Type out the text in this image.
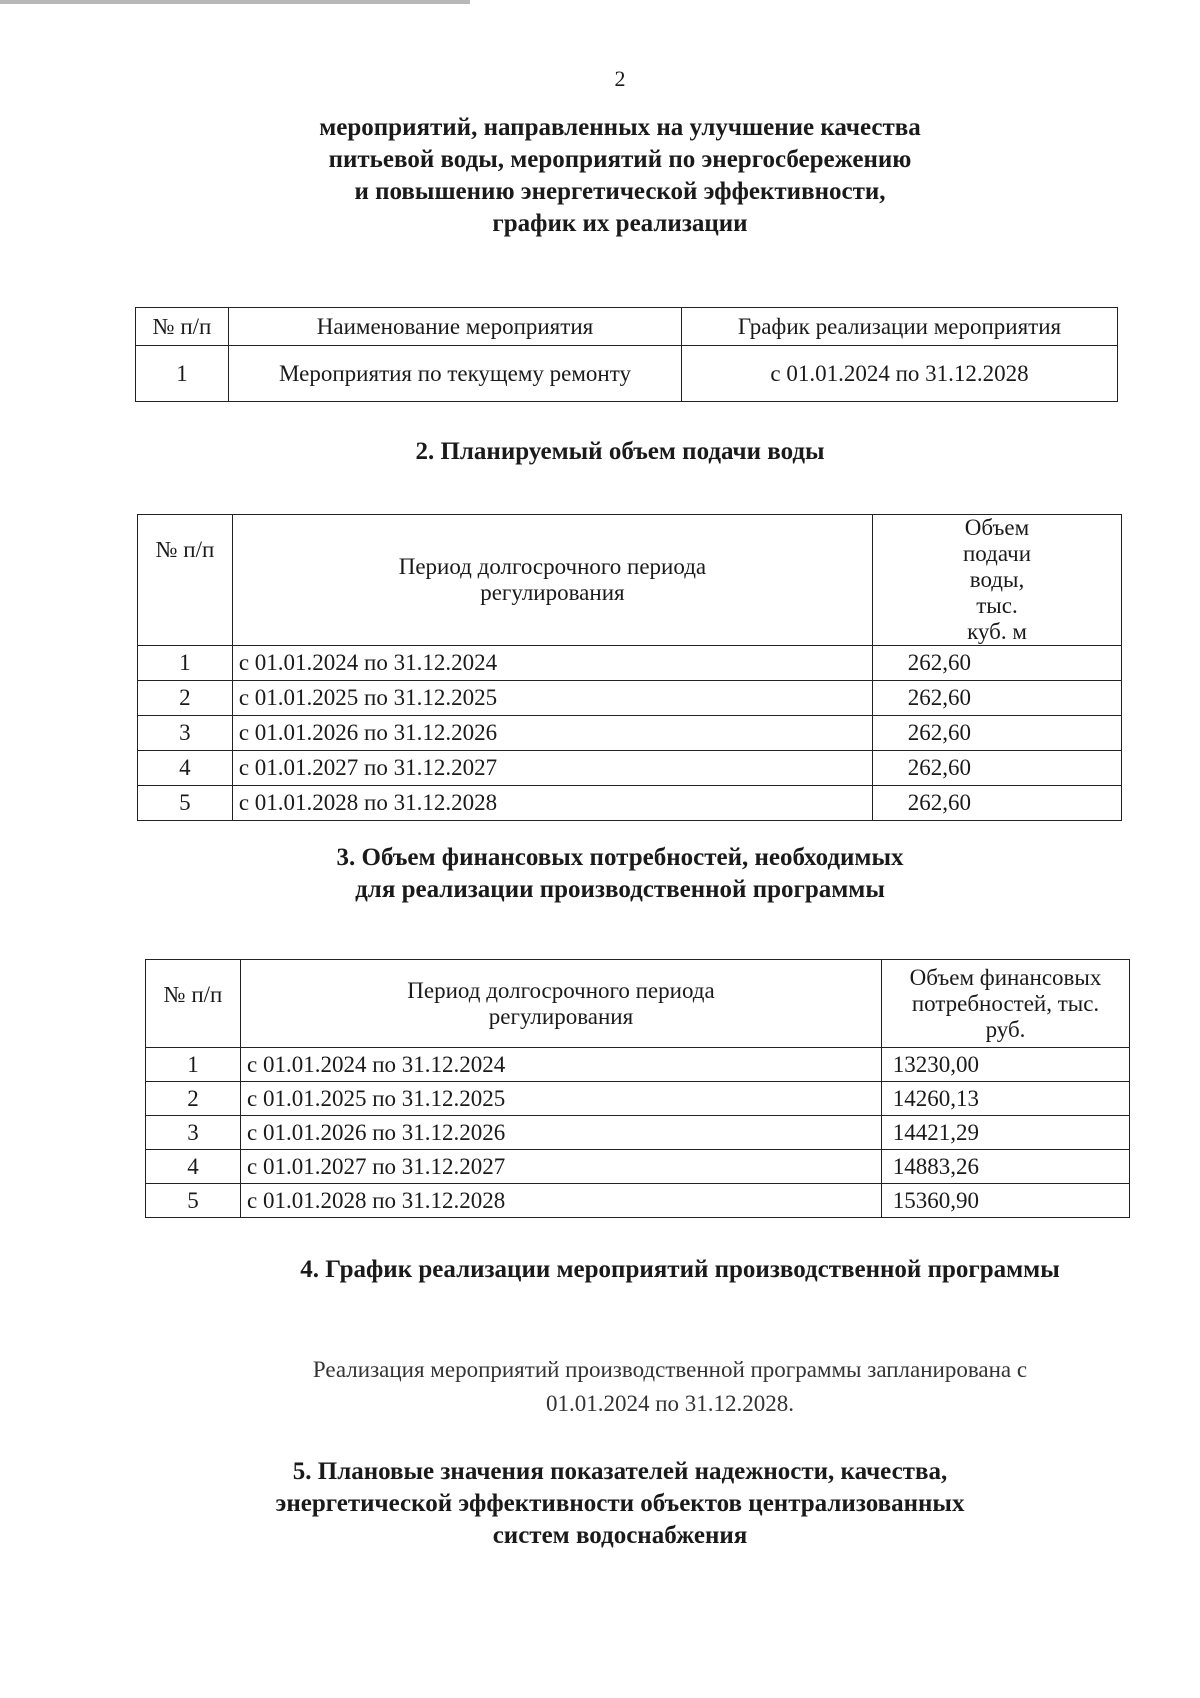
2
мероприятий, направленных на улучшение качества
питьевой воды, мероприятий по энергосбережению
и повышению энергетической эффективности,
график их реализации
№ п/п	Наименование мероприятия	График реализации мероприятия
1	Мероприятия по текущему ремонту	с 01.01.2024 по 31.12.2028
2. Планируемый объем подачи воды
№ п/п	Период долгосрочного периода регулирования	Объем подачи воды, тыс. куб. м
1	с 01.01.2024 по 31.12.2024	262,60
2	с 01.01.2025 по 31.12.2025	262,60
3	с 01.01.2026 по 31.12.2026	262,60
4	с 01.01.2027 по 31.12.2027	262,60
5	с 01.01.2028 по 31.12.2028	262,60
3. Объем финансовых потребностей, необходимых
для реализации производственной программы
№ п/п	Период долгосрочного периода регулирования	Объем финансовых потребностей, тыс. руб.
1	с 01.01.2024 по 31.12.2024	13230,00
2	с 01.01.2025 по 31.12.2025	14260,13
3	с 01.01.2026 по 31.12.2026	14421,29
4	с 01.01.2027 по 31.12.2027	14883,26
5	с 01.01.2028 по 31.12.2028	15360,90
4. График реализации мероприятий производственной программы
Реализация мероприятий производственной программы запланирована с
01.01.2024 по 31.12.2028.
5. Плановые значения показателей надежности, качества,
энергетической эффективности объектов централизованных
систем водоснабжения
